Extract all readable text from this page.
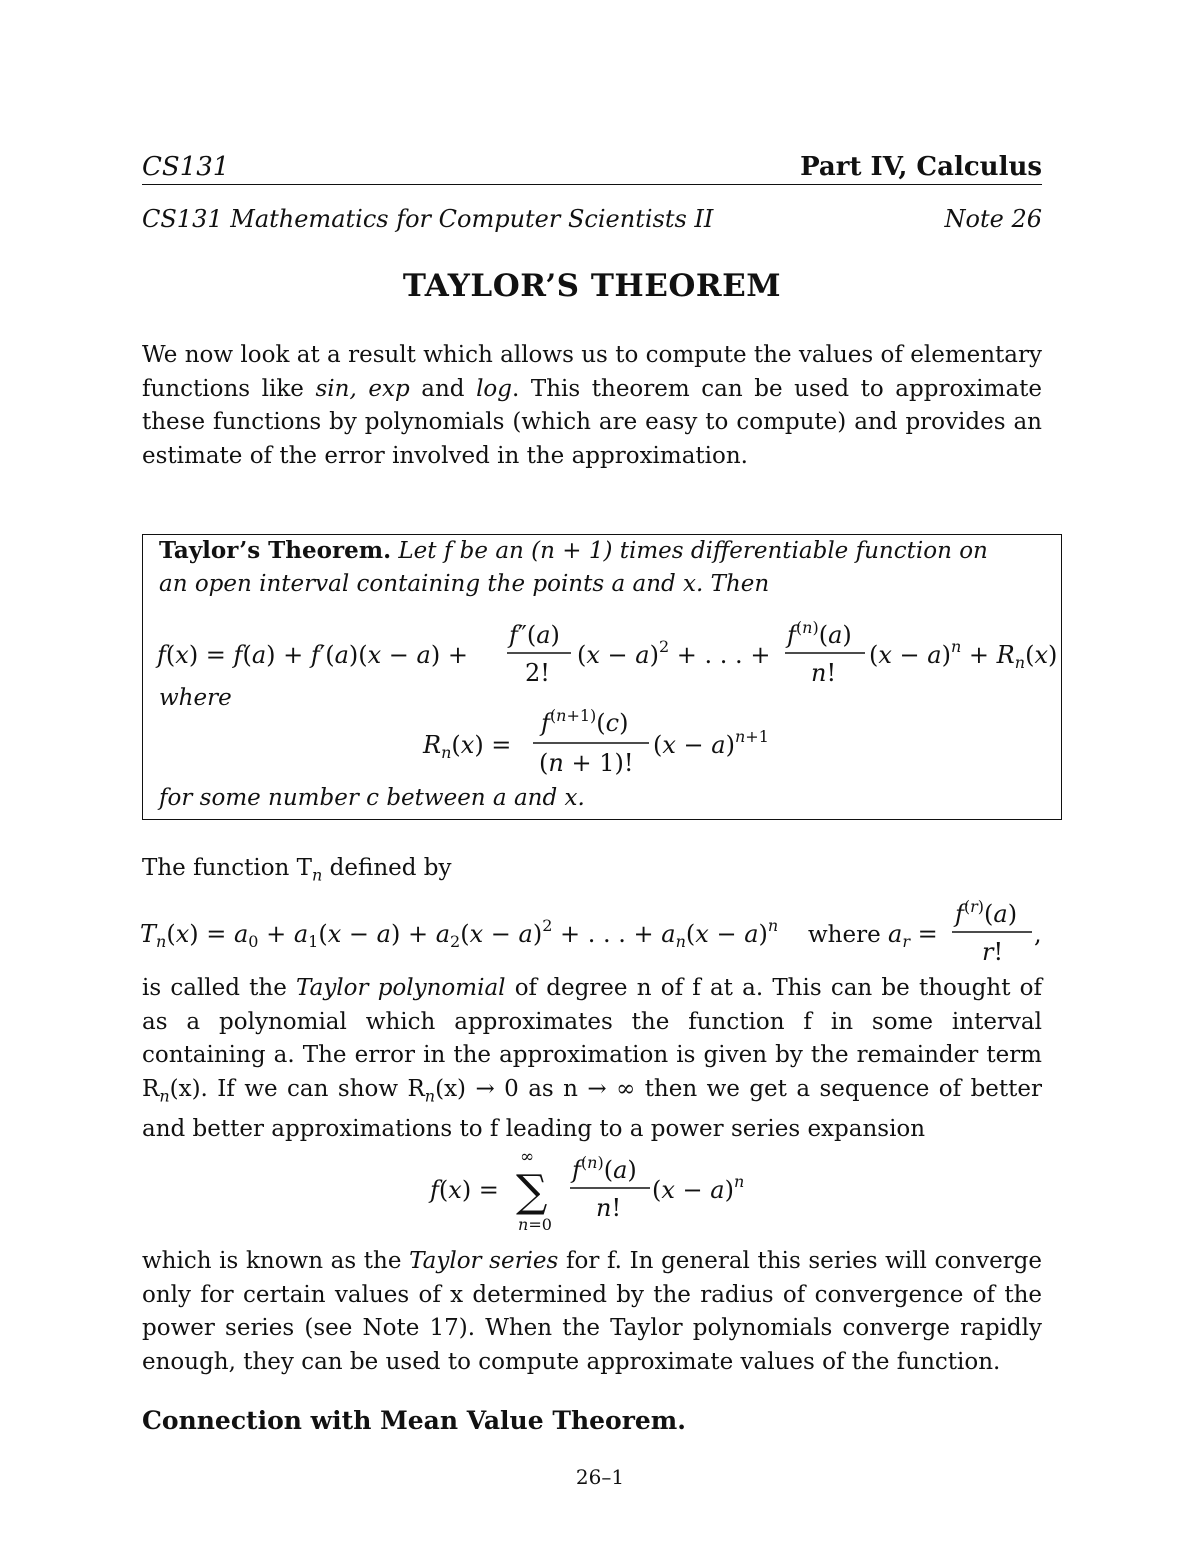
CS131	Part IV, Calculus
CS131 Mathematics for Computer Scientists II	Note 26
TAYLOR’S THEOREM

We now look at a result which allows us to compute the values of elementary functions like sin, exp and log. This theorem can be used to approximate these functions by polynomials (which are easy to compute) and provides an estimate of the error involved in the approximation.

Taylor’s Theorem. Let f be an (n + 1) times differentiable function on
an open interval containing the points a and x. Then
f(x) = f(a) + f′(a)(x − a) +
f″(a)
2!
$(x - a)^2$ + . . . +
f(n)(a)
n!
$(x - a)^n + R_n(x)$
where
$R_n(x)$ =
f(n+1)(c)
(n + 1)!
$(x - a)^{n+1}$
for some number c between a and x.

The function $T_n$ defined by

$T_n(x) = a_0 + a_1(x - a) + a_2(x - a)^2$ + . . . + $a_n(x - a)^n$ where $a_r$ =
f(r)(a)
r!
,

is called the Taylor polynomial of degree n of f at a. This can be thought of as a polynomial which approximates the function f in some interval containing a. The error in the approximation is given by the remainder term $R_n(x)$. If we can show $R_n(x) \to 0$ as n → ∞ then we get a sequence of better and better approximations to f leading to a power series expansion

f(x) =
∞
∑
n=0
f(n)(a)
n!
$(x - a)^n$

which is known as the Taylor series for f. In general this series will converge only for certain values of x determined by the radius of convergence of the power series (see Note 17). When the Taylor polynomials converge rapidly enough, they can be used to compute approximate values of the function.

Connection with Mean Value Theorem.
26–1
